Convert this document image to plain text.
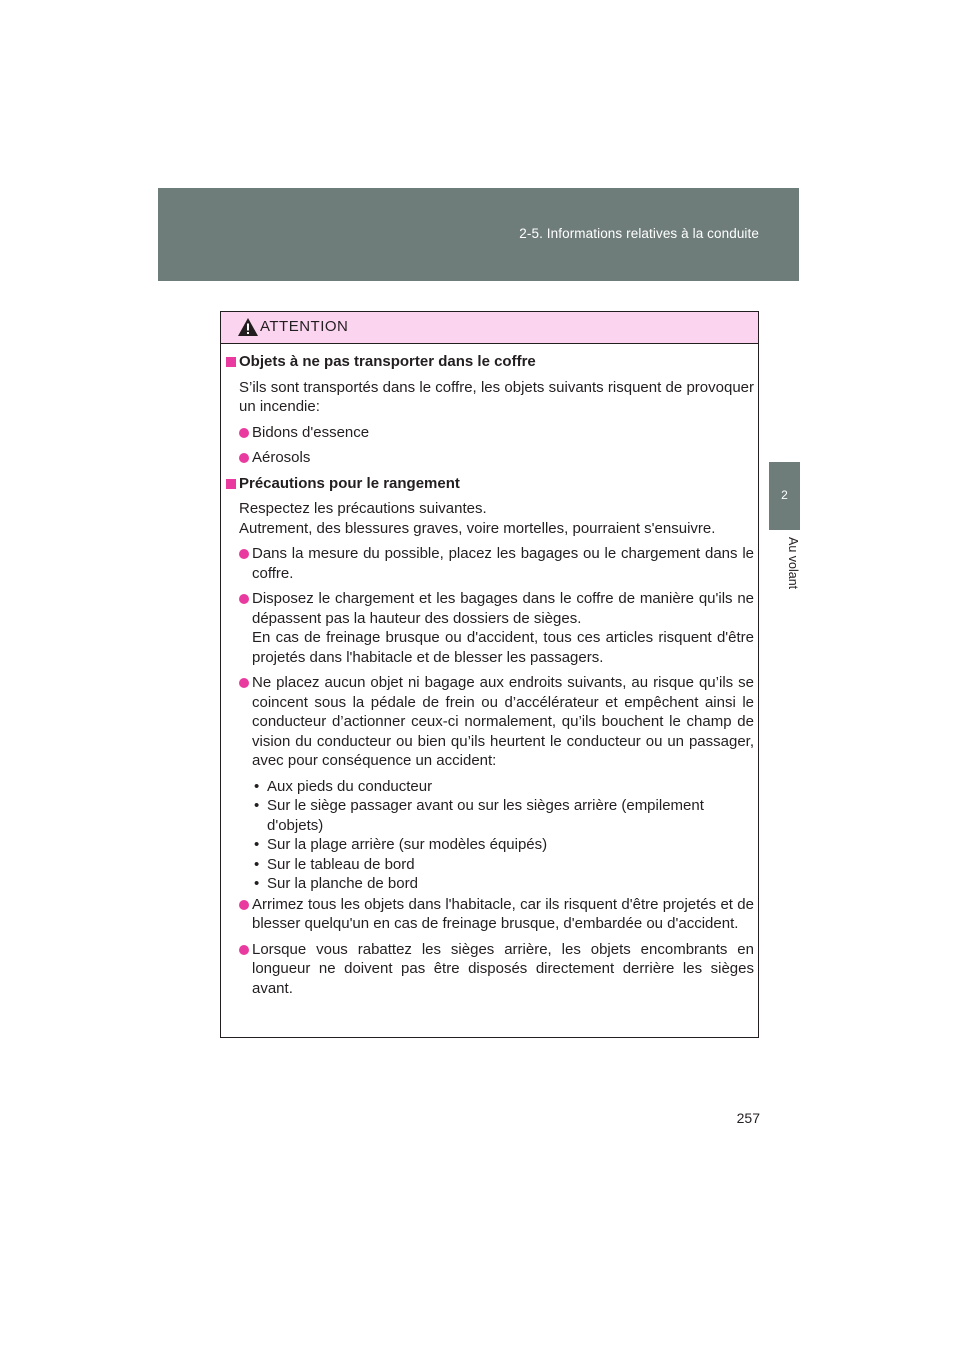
2-5. Informations relatives à la conduite
2
Au volant
ATTENTION
Objets à ne pas transporter dans le coffre
S’ils sont transportés dans le coffre, les objets suivants risquent de provoquer un incendie:
Bidons d'essence
Aérosols
Précautions pour le rangement
Respectez les précautions suivantes.
Autrement, des blessures graves, voire mortelles, pourraient s'ensuivre.
Dans la mesure du possible, placez les bagages ou le chargement dans le coffre.
Disposez le chargement et les bagages dans le coffre de manière qu'ils ne dépassent pas la hauteur des dossiers de sièges.
En cas de freinage brusque ou d'accident, tous ces articles risquent d'être projetés dans l'habitacle et de blesser les passagers.
Ne placez aucun objet ni bagage aux endroits suivants, au risque qu’ils se coincent sous la pédale de frein ou d’accélérateur et empêchent ainsi le conducteur d’actionner ceux-ci normalement, qu’ils bouchent le champ de vision du conducteur ou bien qu’ils heurtent le conducteur ou un passager, avec pour conséquence un accident:
• Aux pieds du conducteur
• Sur le siège passager avant ou sur les sièges arrière (empilement d'objets)
• Sur la plage arrière (sur modèles équipés)
• Sur le tableau de bord
• Sur la planche de bord
Arrimez tous les objets dans l'habitacle, car ils risquent d'être projetés et de blesser quelqu'un en cas de freinage brusque, d'embardée ou d'accident.
Lorsque vous rabattez les sièges arrière, les objets encombrants en longueur ne doivent pas être disposés directement derrière les sièges avant.
257
